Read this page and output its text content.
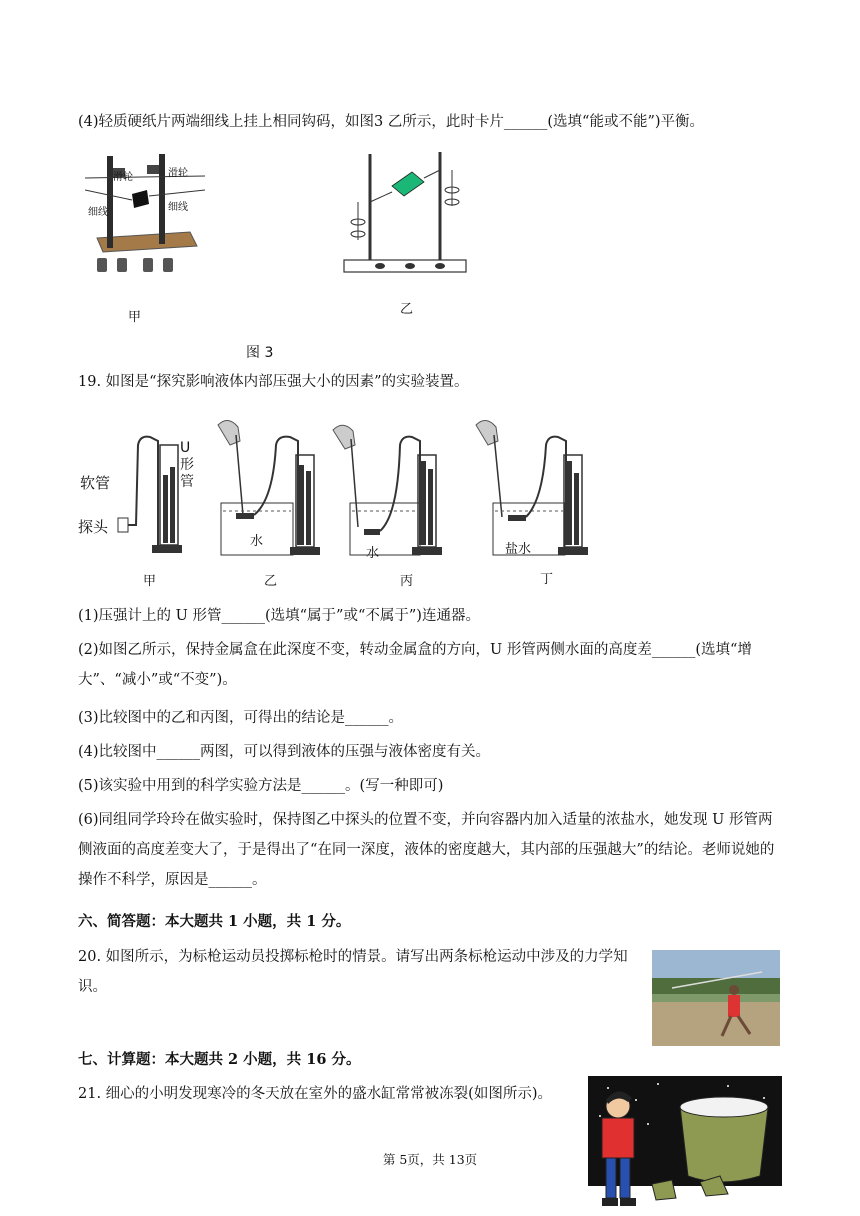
(4)轻质硬纸片两端细线上挂上相同钩码，如图3 乙所示，此时卡片______(选填“能或不能”)平衡。
滑轮	滑轮
细线	细线
甲
乙
图 3
19. 如图是“探究影响液体内部压强大小的因素”的实验装置。
软管
探头
U形管
水
水	盐水
甲	乙	丙	丁
(1)压强计上的 U 形管______(选填“属于”或“不属于”)连通器。
(2)如图乙所示，保持金属盒在此深度不变，转动金属盒的方向，U 形管两侧水面的高度差______(选填“增大”、“减小”或“不变”)。
(3)比较图中的乙和丙图，可得出的结论是______。
(4)比较图中______两图，可以得到液体的压强与液体密度有关。
(5)该实验中用到的科学实验方法是______。(写一种即可)
(6)同组同学玲玲在做实验时，保持图乙中探头的位置不变，并向容器内加入适量的浓盐水，她发现 U 形管两侧液面的高度差变大了，于是得出了“在同一深度，液体的密度越大，其内部的压强越大”的结论。老师说她的操作不科学，原因是______。
六、简答题：本大题共 1 小题，共 1 分。
20. 如图所示，为标枪运动员投掷标枪时的情景。请写出两条标枪运动中涉及的力学知识。
七、计算题：本大题共 2 小题，共 16 分。
21. 细心的小明发现寒冷的冬天放在室外的盛水缸常常被冻裂(如图所示)。
第 5页，共 13页
